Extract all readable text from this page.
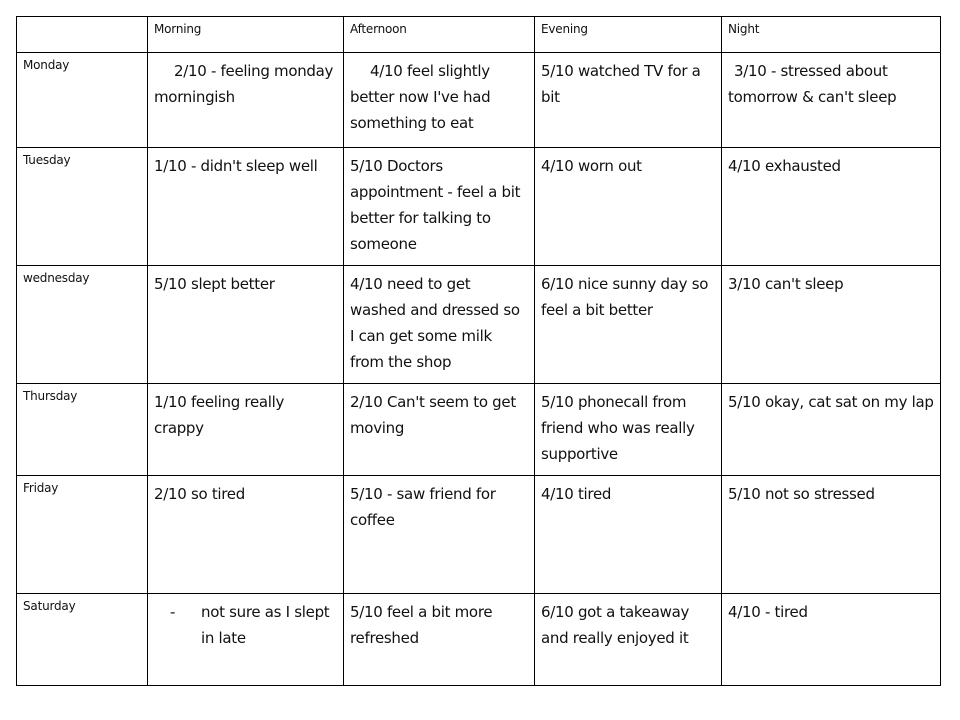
	Morning	Afternoon	Evening	Night
Monday	2/10 - feeling monday morningish	4/10 feel slightly better now I've had something to eat	5/10 watched TV for a bit	3/10 - stressed about tomorrow & can't sleep
Tuesday	1/10 - didn't sleep well	5/10 Doctors appointment - feel a bit better for talking to someone	4/10 worn out	4/10 exhausted
wednesday	5/10 slept better	4/10 need to get washed and dressed so I can get some milk from the shop	6/10 nice sunny day so feel a bit better	3/10 can't sleep
Thursday	1/10 feeling really crappy	2/10 Can't seem to get moving	5/10 phonecall from friend who was really supportive	5/10 okay, cat sat on my lap
Friday	2/10 so tired	5/10 - saw friend for coffee	4/10 tired	5/10 not so stressed
Saturday	- not sure as I slept in late	5/10 feel a bit more refreshed	6/10 got a takeaway and really enjoyed it	4/10 - tired
